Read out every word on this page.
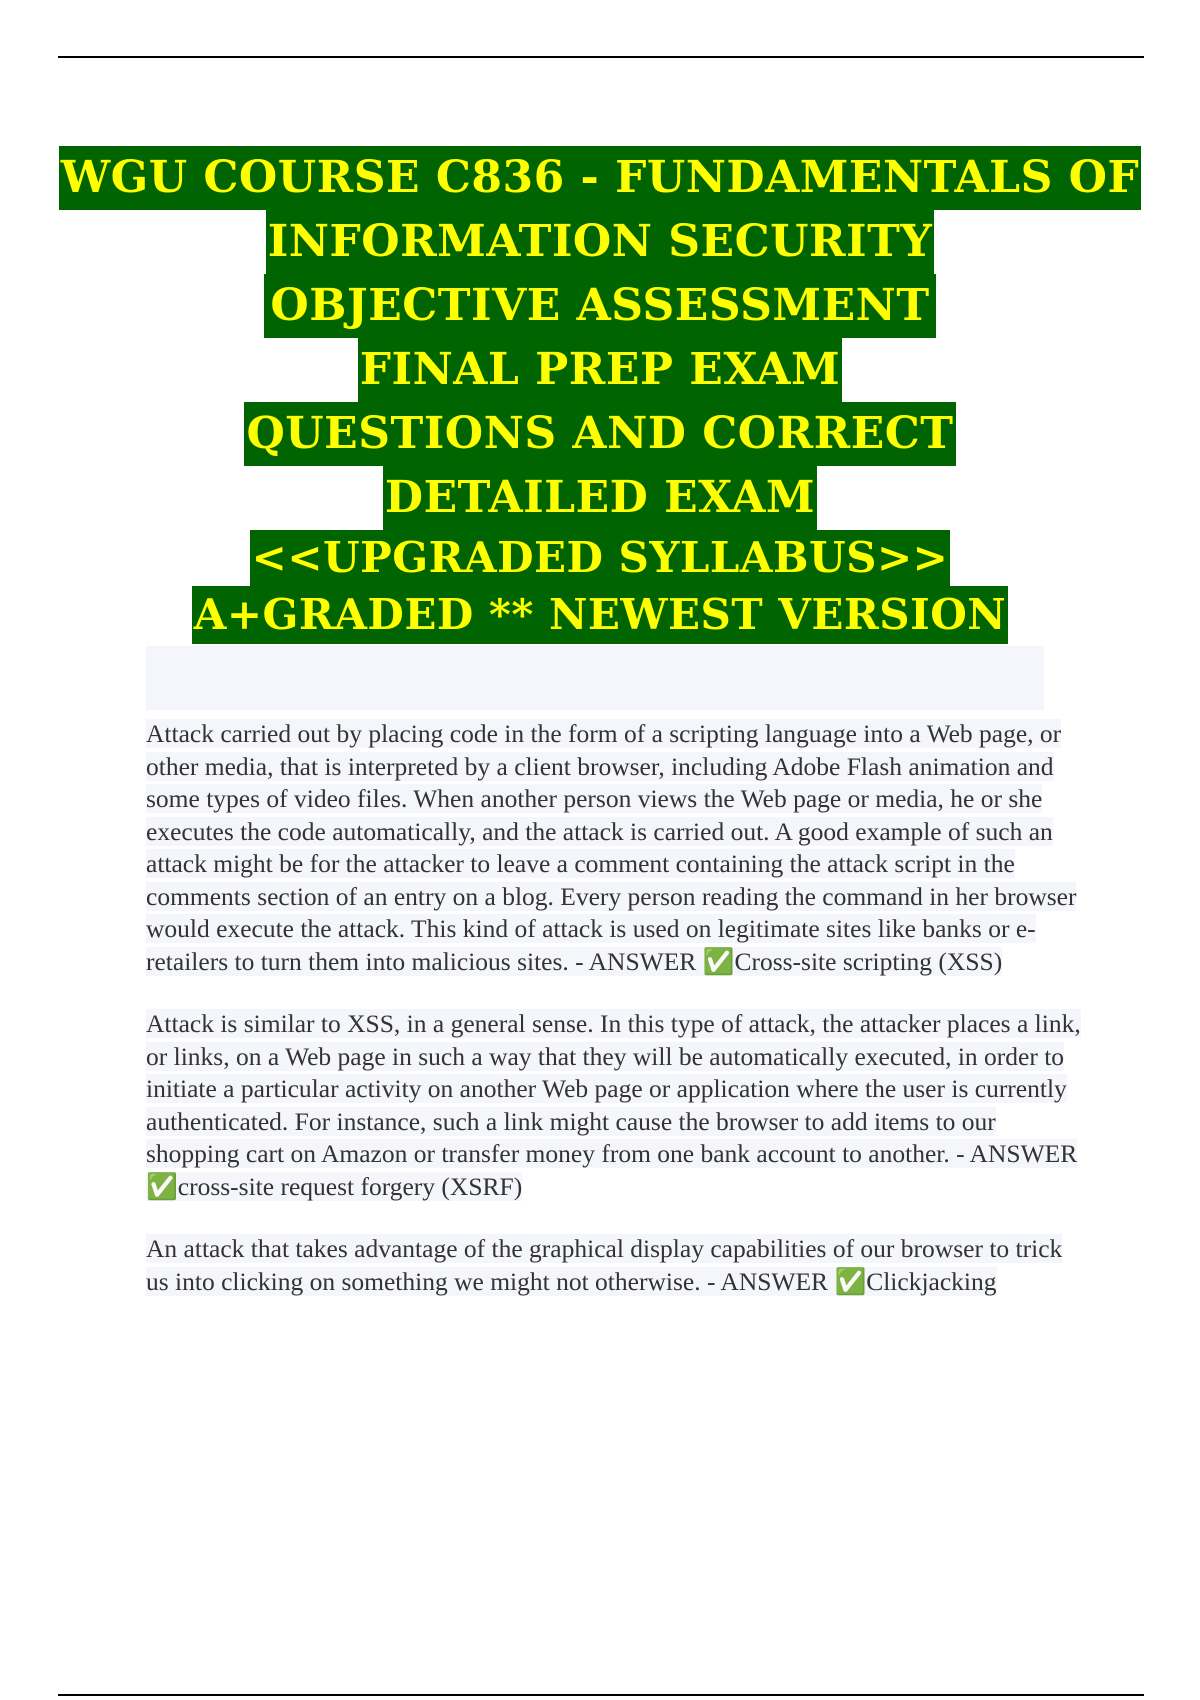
WGU COURSE C836 - FUNDAMENTALS OF
INFORMATION SECURITY
OBJECTIVE ASSESSMENT
FINAL PREP EXAM
QUESTIONS AND CORRECT
DETAILED EXAM
<<UPGRADED SYLLABUS>>
A+GRADED ** NEWEST VERSION

Attack carried out by placing code in the form of a scripting language into a Web page, or other media, that is interpreted by a client browser, including Adobe Flash animation and some types of video files. When another person views the Web page or media, he or she executes the code automatically, and the attack is carried out. A good example of such an attack might be for the attacker to leave a comment containing the attack script in the comments section of an entry on a blog. Every person reading the command in her browser would execute the attack. This kind of attack is used on legitimate sites like banks or e-retailers to turn them into malicious sites. - ANSWER ✅Cross-site scripting (XSS)

Attack is similar to XSS, in a general sense. In this type of attack, the attacker places a link, or links, on a Web page in such a way that they will be automatically executed, in order to initiate a particular activity on another Web page or application where the user is currently authenticated. For instance, such a link might cause the browser to add items to our shopping cart on Amazon or transfer money from one bank account to another. - ANSWER ✅cross-site request forgery (XSRF)

An attack that takes advantage of the graphical display capabilities of our browser to trick us into clicking on something we might not otherwise. - ANSWER ✅Clickjacking
